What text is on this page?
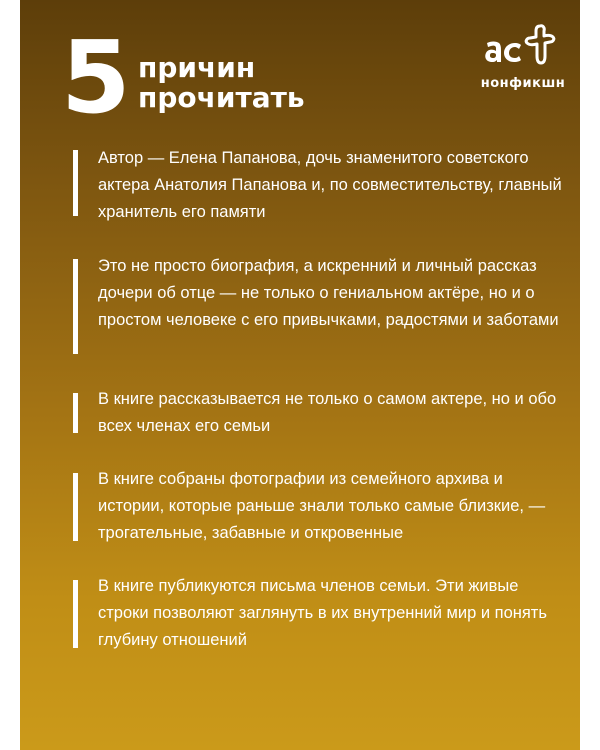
5 причин
прочитать	нонфикшн
Автор — Елена Папанова, дочь знаменитого советского актера Анатолия Папанова и, по совместительству, главный хранитель его памяти
Это не просто биография, а искренний и личный рассказ дочери об отце — не только о гениальном актёре, но и о простом человеке с его привычками, радостями и заботами
В книге рассказывается не только о самом актере, но и обо всех членах его семьи
В книге собраны фотографии из семейного архива и истории, которые раньше знали только самые близкие, — трогательные, забавные и откровенные
В книге публикуются письма членов семьи. Эти живые строки позволяют заглянуть в их внутренний мир и понять глубину отношений
